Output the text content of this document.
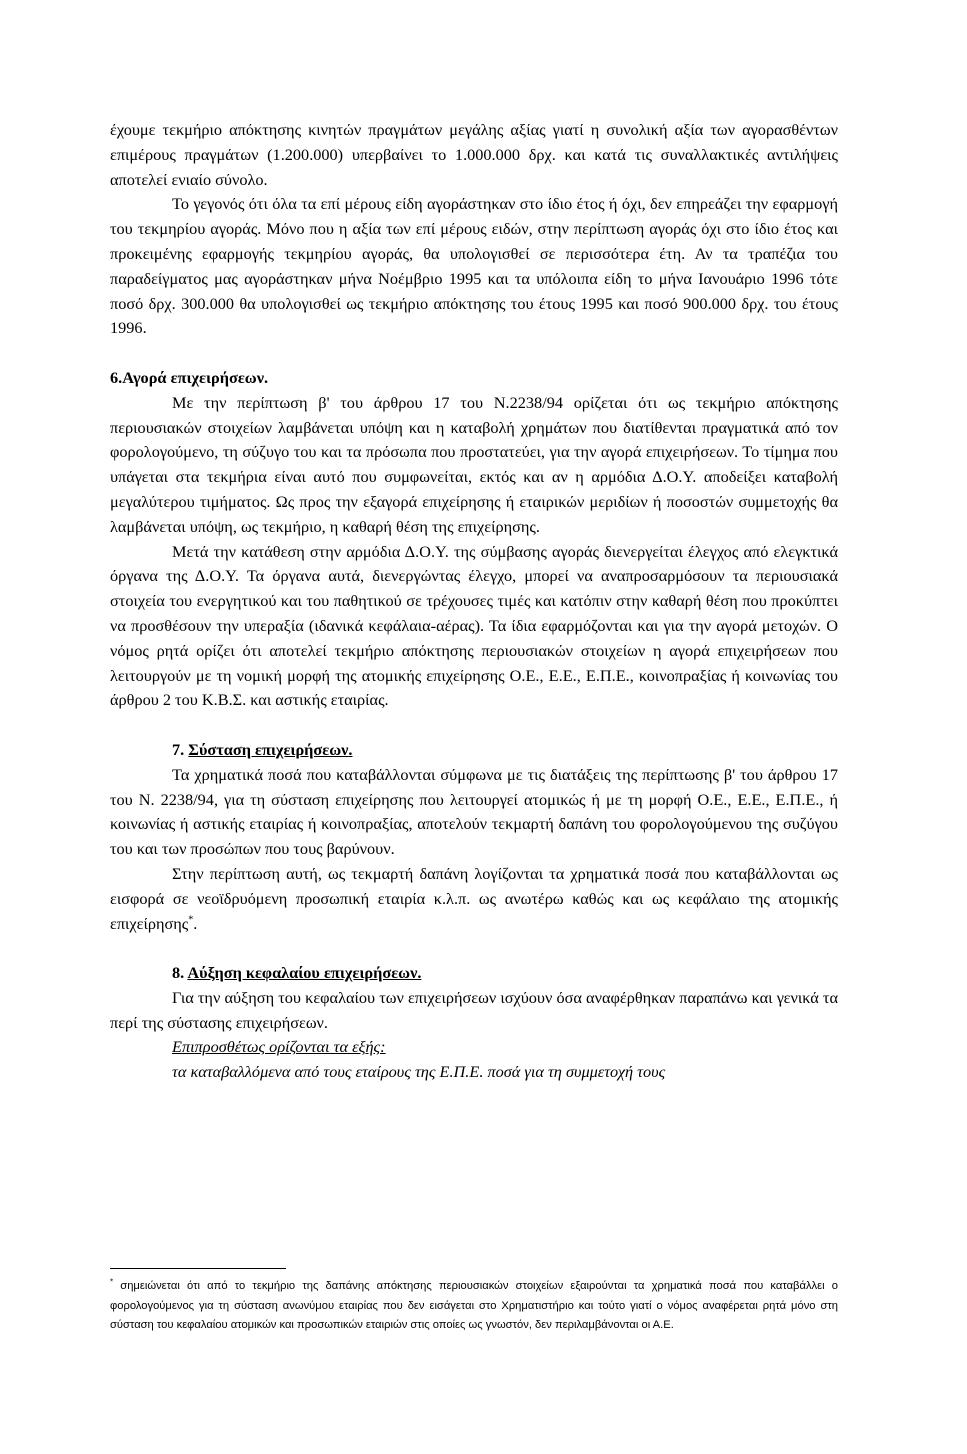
έχουμε τεκμήριο απόκτησης κινητών πραγμάτων μεγάλης αξίας γιατί η συνολική αξία των αγορασθέντων επιμέρους πραγμάτων (1.200.000) υπερβαίνει το 1.000.000 δρχ. και κατά τις συναλλακτικές αντιλήψεις αποτελεί ενιαίο σύνολο.

Το γεγονός ότι όλα τα επί μέρους είδη αγοράστηκαν στο ίδιο έτος ή όχι, δεν επηρεάζει την εφαρμογή του τεκμηρίου αγοράς. Μόνο που η αξία των επί μέρους ειδών, στην περίπτωση αγοράς όχι στο ίδιο έτος και προκειμένης εφαρμογής τεκμηρίου αγοράς, θα υπολογισθεί σε περισσότερα έτη. Αν τα τραπέζια του παραδείγματος μας αγοράστηκαν μήνα Νοέμβριο 1995 και τα υπόλοιπα είδη το μήνα Ιανουάριο 1996 τότε ποσό δρχ. 300.000 θα υπολογισθεί ως τεκμήριο απόκτησης του έτους 1995 και ποσό 900.000 δρχ. του έτους 1996.

6.Αγορά επιχειρήσεων.

Με την περίπτωση β' του άρθρου 17 του Ν.2238/94 ορίζεται ότι ως τεκμήριο απόκτησης περιουσιακών στοιχείων λαμβάνεται υπόψη και η καταβολή χρημάτων που διατίθενται πραγματικά από τον φορολογούμενο, τη σύζυγο του και τα πρόσωπα που προστατεύει, για την αγορά επιχειρήσεων. Το τίμημα που υπάγεται στα τεκμήρια είναι αυτό που συμφωνείται, εκτός και αν η αρμόδια Δ.Ο.Υ. αποδείξει καταβολή μεγαλύτερου τιμήματος. Ως προς την εξαγορά επιχείρησης ή εταιρικών μεριδίων ή ποσοστών συμμετοχής θα λαμβάνεται υπόψη, ως τεκμήριο, η καθαρή θέση της επιχείρησης.

Μετά την κατάθεση στην αρμόδια Δ.Ο.Υ. της σύμβασης αγοράς διενεργείται έλεγχος από ελεγκτικά όργανα της Δ.Ο.Υ. Τα όργανα αυτά, διενεργώντας έλεγχο, μπορεί να αναπροσαρμόσουν τα περιουσιακά στοιχεία του ενεργητικού και του παθητικού σε τρέχουσες τιμές και κατόπιν στην καθαρή θέση που προκύπτει να προσθέσουν την υπεραξία (ιδανικά κεφάλαια-αέρας). Τα ίδια εφαρμόζονται και για την αγορά μετοχών. Ο νόμος ρητά ορίζει ότι αποτελεί τεκμήριο απόκτησης περιουσιακών στοιχείων η αγορά επιχειρήσεων που λειτουργούν με τη νομική μορφή της ατομικής επιχείρησης Ο.Ε., Ε.Ε., Ε.Π.Ε., κοινοπραξίας ή κοινωνίας του άρθρου 2 του Κ.Β.Σ. και αστικής εταιρίας.

7. Σύσταση επιχειρήσεων.

Τα χρηματικά ποσά που καταβάλλονται σύμφωνα με τις διατάξεις της περίπτωσης β' του άρθρου 17 του Ν. 2238/94, για τη σύσταση επιχείρησης που λειτουργεί ατομικώς ή με τη μορφή Ο.Ε., Ε.Ε., Ε.Π.Ε., ή κοινωνίας ή αστικής εταιρίας ή κοινοπραξίας, αποτελούν τεκμαρτή δαπάνη του φορολογούμενου της συζύγου του και των προσώπων που τους βαρύνουν.

Στην περίπτωση αυτή, ως τεκμαρτή δαπάνη λογίζονται τα χρηματικά ποσά που καταβάλλονται ως εισφορά σε νεοϊδρυόμενη προσωπική εταιρία κ.λ.π. ως ανωτέρω καθώς και ως κεφάλαιο της ατομικής επιχείρησης*.

8. Αύξηση κεφαλαίου επιχειρήσεων.

Για την αύξηση του κεφαλαίου των επιχειρήσεων ισχύουν όσα αναφέρθηκαν παραπάνω και γενικά τα περί της σύστασης επιχειρήσεων.

Επιπροσθέτως ορίζονται τα εξής:

τα καταβαλλόμενα από τους εταίρους της Ε.Π.Ε. ποσά για τη συμμετοχή τους

* σημειώνεται ότι από το τεκμήριο της δαπάνης απόκτησης περιουσιακών στοιχείων εξαιρούνται τα χρηματικά ποσά που καταβάλλει ο φορολογούμενος για τη σύσταση ανωνύμου εταιρίας που δεν εισάγεται στο Χρηματιστήριο και τούτο γιατί ο νόμος αναφέρεται ρητά μόνο στη σύσταση του κεφαλαίου ατομικών και προσωπικών εταιριών στις οποίες ως γνωστόν, δεν περιλαμβάνονται οι Α.Ε.
